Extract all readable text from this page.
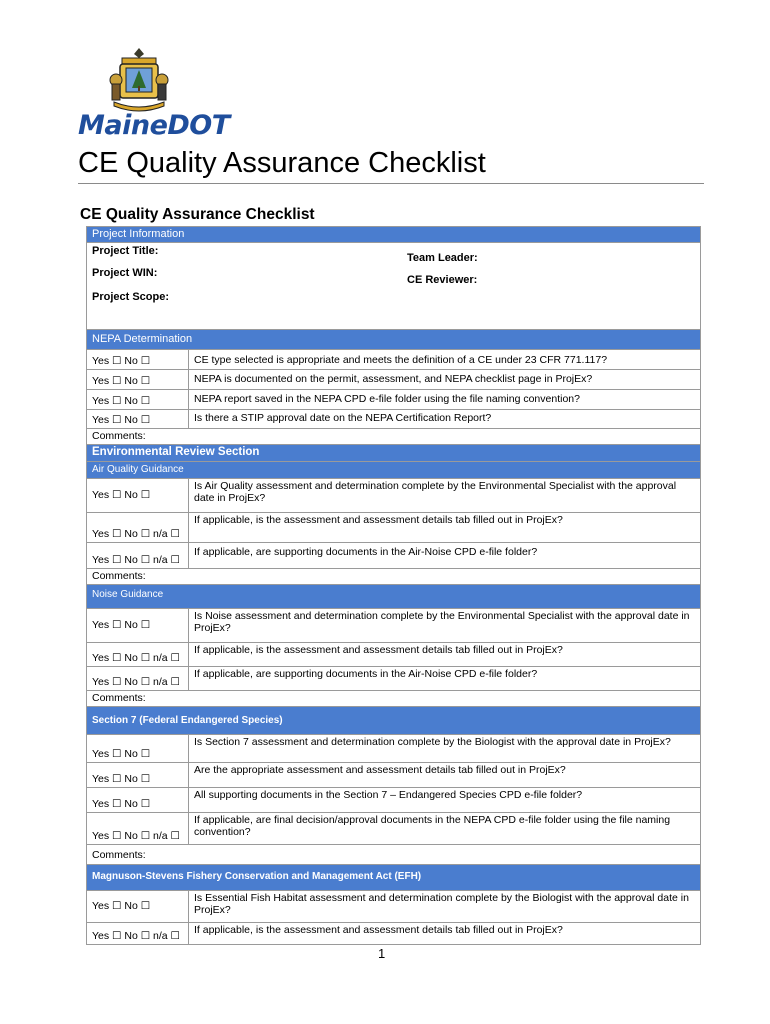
MaineDOT
CE Quality Assurance Checklist
CE Quality Assurance Checklist
Project Information

Project Title:
Project WIN:
Project Scope:
Team Leader:
CE Reviewer:
NEPA Determination	
Yes ☐ No ☐	CE type selected is appropriate and meets the definition of a CE under 23 CFR 771.117?
Yes ☐ No ☐	NEPA is documented on the permit, assessment, and NEPA checklist page in ProjEx?
Yes ☐ No ☐	NEPA report saved in the NEPA CPD e-file folder using the file naming convention?
Yes ☐ No ☐	Is there a STIP approval date on the NEPA Certification Report?
Comments:	
Environmental Review Section	
Air Quality Guidance	
Yes ☐ No ☐	Is Air Quality assessment and determination complete by the Environmental Specialist with the approval date in ProjEx?
Yes ☐ No ☐ n/a ☐	If applicable, is the assessment and assessment details tab filled out in ProjEx?
Yes ☐ No ☐ n/a ☐	If applicable, are supporting documents in the Air-Noise CPD e-file folder?
Comments:	
Noise Guidance	
Yes ☐ No ☐	Is Noise assessment and determination complete by the Environmental Specialist with the approval date in ProjEx?
Yes ☐ No ☐ n/a ☐	If applicable, is the assessment and assessment details tab filled out in ProjEx?
Yes ☐ No ☐ n/a ☐	If applicable, are supporting documents in the Air-Noise CPD e-file folder?
Comments:	
Section 7 (Federal Endangered Species)	
Yes ☐ No ☐	Is Section 7 assessment and determination complete by the Biologist with the approval date in ProjEx?
Yes ☐ No ☐	Are the appropriate assessment and assessment details tab filled out in ProjEx?
Yes ☐ No ☐	All supporting documents in the Section 7 – Endangered Species CPD e-file folder?
Yes ☐ No ☐ n/a ☐	If applicable, are final decision/approval documents in the NEPA CPD e-file folder using the file naming convention?
Comments:	
Magnuson-Stevens Fishery Conservation and Management Act (EFH)	
Yes ☐ No ☐	Is Essential Fish Habitat assessment and determination complete by the Biologist with the approval date in ProjEx?
Yes ☐ No ☐ n/a ☐	If applicable, is the assessment and assessment details tab filled out in ProjEx?
1
